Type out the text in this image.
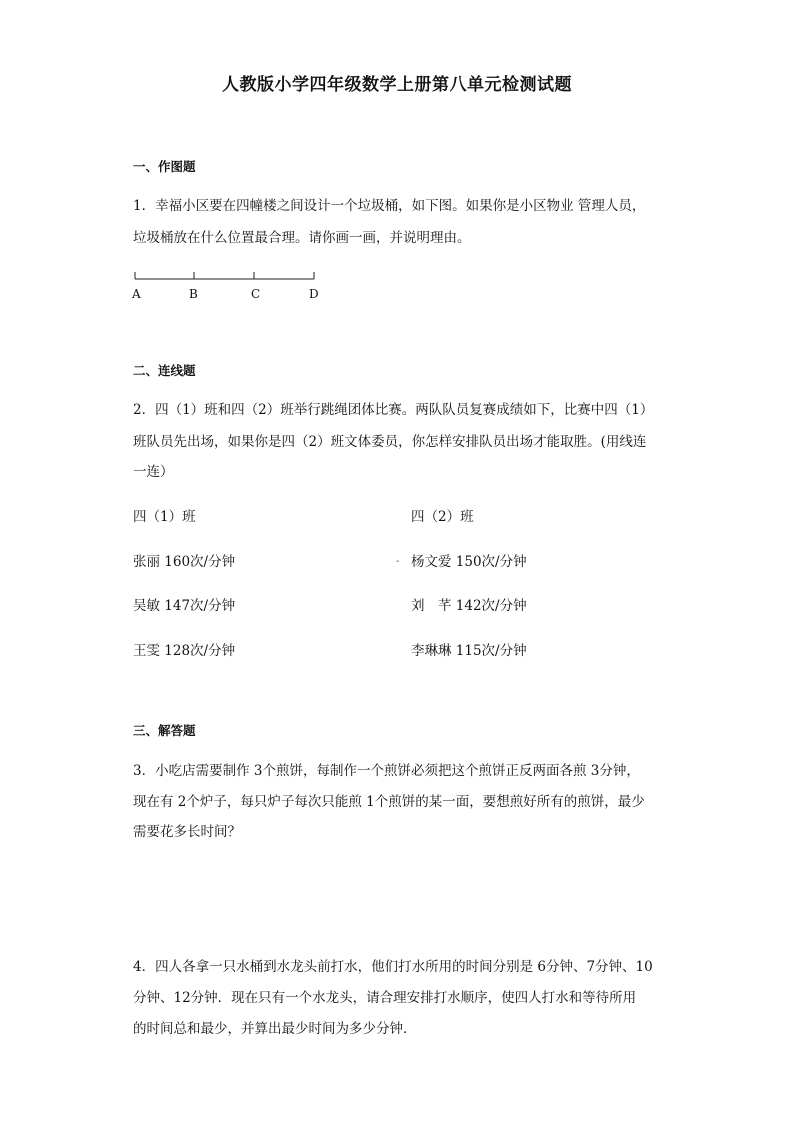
人教版小学四年级数学上册第八单元检测试题
一、作图题
1．幸福小区要在四幢楼之间设计一个垃圾桶，如下图。如果你是小区物业 管理人员，
垃圾桶放在什么位置最合理。请你画一画，并说明理由。
A	B	C	D
二、连线题
2．四（1）班和四（2）班举行跳绳团体比赛。两队队员复赛成绩如下，比赛中四（1）
班队员先出场，如果你是四（2）班文体委员，你怎样安排队员出场才能取胜。(用线连
一连）
四（1）班	四（2）班
张丽 160次/分钟	- 杨文爱 150次/分钟
吴敏 147次/分钟	刘　芊 142次/分钟
王雯 128次/分钟	李琳琳 115次/分钟
三、解答题
3．小吃店需要制作 3个煎饼，每制作一个煎饼必须把这个煎饼正反两面各煎 3分钟，
现在有 2个炉子，每只炉子每次只能煎 1个煎饼的某一面，要想煎好所有的煎饼，最少
需要花多长时间？
4．四人各拿一只水桶到水龙头前打水，他们打水所用的时间分别是 6分钟、7分钟、10
分钟、12分钟．现在只有一个水龙头，请合理安排打水顺序，使四人打水和等待所用
的时间总和最少，并算出最少时间为多少分钟．
